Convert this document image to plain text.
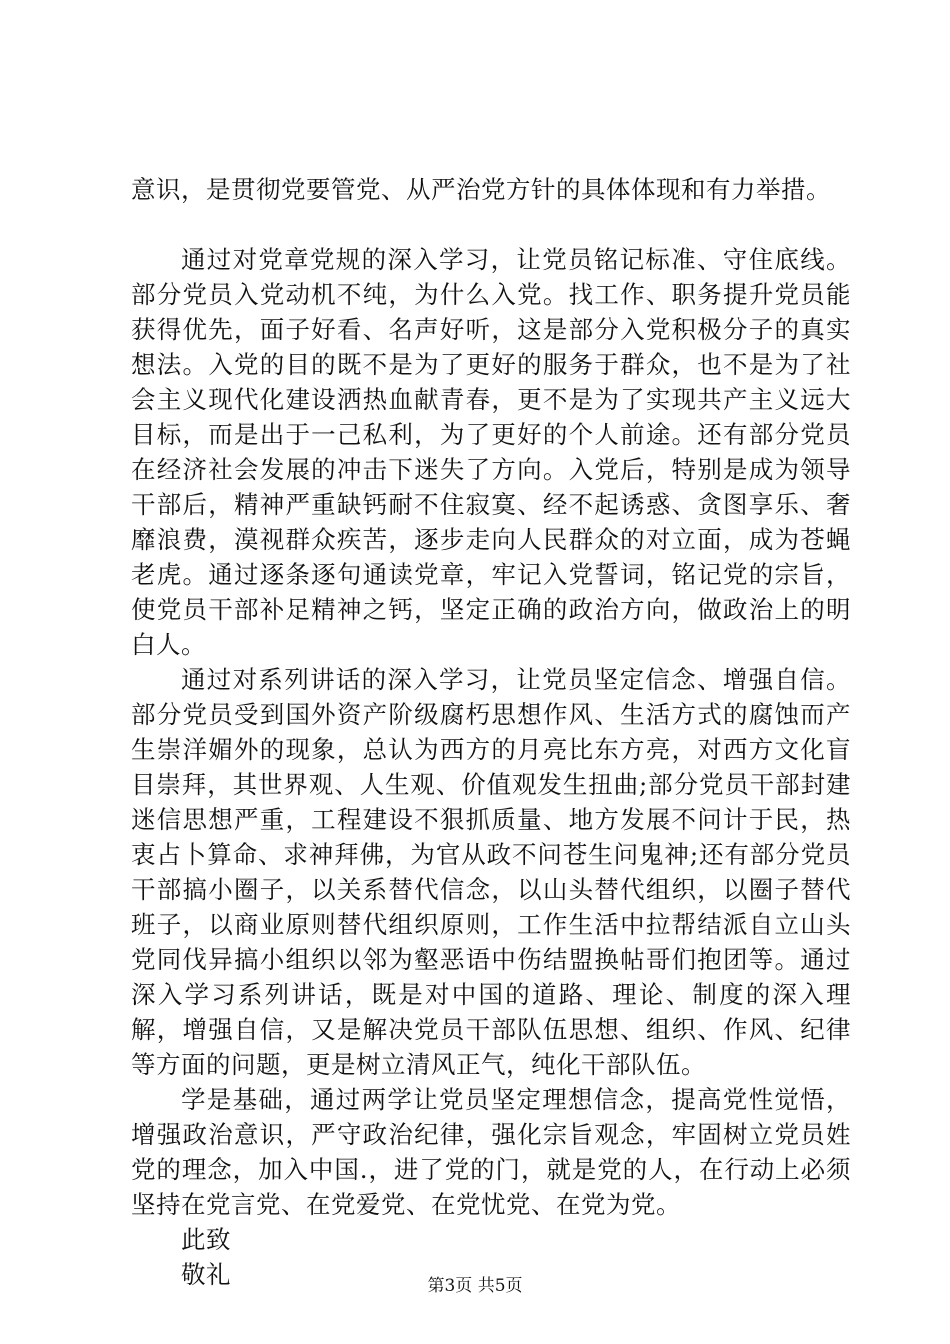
意识，是贯彻党要管党、从严治党方针的具体体现和有力举措。

通过对党章党规的深入学习，让党员铭记标准、守住底线。部分党员入党动机不纯，为什么入党。找工作、职务提升党员能获得优先，面子好看、名声好听，这是部分入党积极分子的真实想法。入党的目的既不是为了更好的服务于群众，也不是为了社会主义现代化建设洒热血献青春，更不是为了实现共产主义远大目标，而是出于一己私利，为了更好的个人前途。还有部分党员在经济社会发展的冲击下迷失了方向。入党后，特别是成为领导干部后，精神严重缺钙耐不住寂寞、经不起诱惑、贪图享乐、奢靡浪费，漠视群众疾苦，逐步走向人民群众的对立面，成为苍蝇老虎。通过逐条逐句通读党章，牢记入党誓词，铭记党的宗旨，使党员干部补足精神之钙，坚定正确的政治方向，做政治上的明白人。

通过对系列讲话的深入学习，让党员坚定信念、增强自信。部分党员受到国外资产阶级腐朽思想作风、生活方式的腐蚀而产生崇洋媚外的现象，总认为西方的月亮比东方亮，对西方文化盲目崇拜，其世界观、人生观、价值观发生扭曲;部分党员干部封建迷信思想严重，工程建设不狠抓质量、地方发展不问计于民，热衷占卜算命、求神拜佛，为官从政不问苍生问鬼神;还有部分党员干部搞小圈子，以关系替代信念，以山头替代组织，以圈子替代班子，以商业原则替代组织原则，工作生活中拉帮结派自立山头党同伐异搞小组织以邻为壑恶语中伤结盟换帖哥们抱团等。通过深入学习系列讲话，既是对中国的道路、理论、制度的深入理解，增强自信，又是解决党员干部队伍思想、组织、作风、纪律等方面的问题，更是树立清风正气，纯化干部队伍。

学是基础，通过两学让党员坚定理想信念，提高党性觉悟，增强政治意识，严守政治纪律，强化宗旨观念，牢固树立党员姓党的理念，加入中国.，进了党的门，就是党的人，在行动上必须坚持在党言党、在党爱党、在党忧党、在党为党。

此致
敬礼	第3页 共5页
